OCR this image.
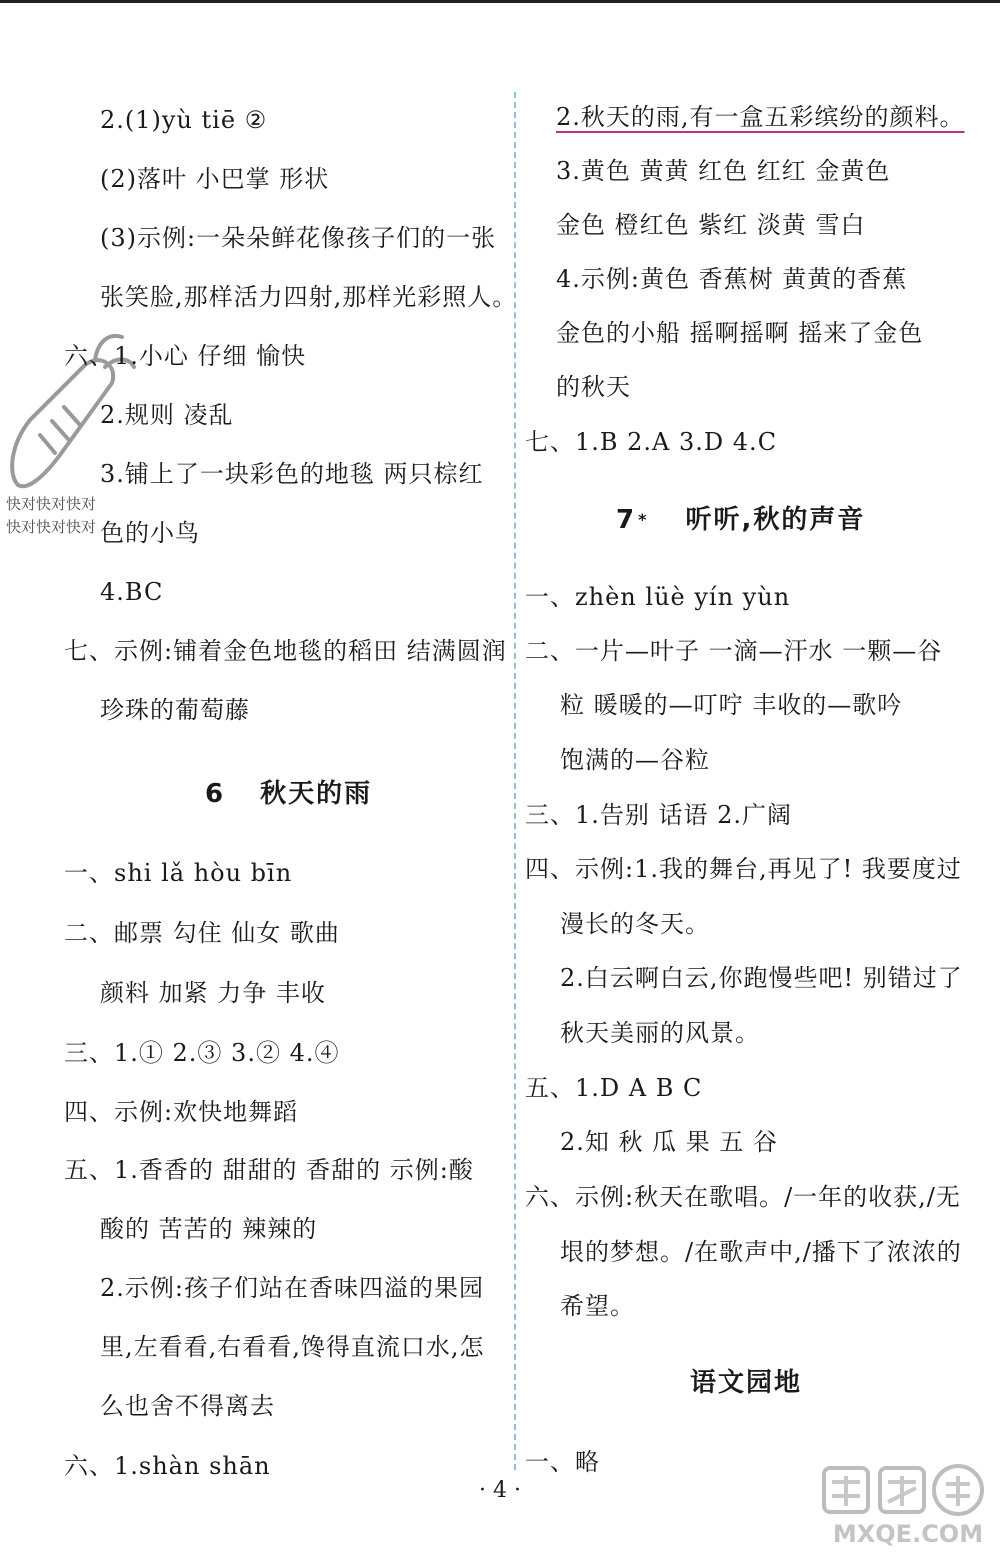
快对快对快对
快对快对快对
2.(1)yù tiē ②
(2)落叶 小巴掌 形状
(3)示例:一朵朵鲜花像孩子们的一张
张笑脸,那样活力四射,那样光彩照人。
六、1.小心 仔细 愉快
2.规则 凌乱
3.铺上了一块彩色的地毯 两只棕红
色的小鸟
4.BC
七、示例:铺着金色地毯的稻田 结满圆润
珍珠的葡萄藤
6 秋天的雨
一、shi lǎ hòu bīn
二、邮票 勾住 仙女 歌曲
颜料 加紧 力争 丰收
三、1.① 2.③ 3.② 4.④
四、示例:欢快地舞蹈
五、1.香香的 甜甜的 香甜的 示例:酸
酸的 苦苦的 辣辣的
2.示例:孩子们站在香味四溢的果园
里,左看看,右看看,馋得直流口水,怎
么也舍不得离去
六、1.shàn shān
2.秋天的雨,有一盒五彩缤纷的颜料。
3.黄色 黄黄 红色 红红 金黄色
金色 橙红色 紫红 淡黄 雪白
4.示例:黄色 香蕉树 黄黄的香蕉
金色的小船 摇啊摇啊 摇来了金色
的秋天
七、1.B 2.A 3.D 4.C
7 * 听听,秋的声音
一、zhèn lüè yín yùn
二、一片—叶子 一滴—汗水 一颗—谷
粒 暖暖的—叮咛 丰收的—歌吟
饱满的—谷粒
三、1.告别 话语 2.广阔
四、示例:1.我的舞台,再见了! 我要度过
漫长的冬天。
2.白云啊白云,你跑慢些吧! 别错过了
秋天美丽的风景。
五、1.D A B C
2.知 秋 瓜 果 五 谷
六、示例:秋天在歌唱。/一年的收获,/无
垠的梦想。/在歌声中,/播下了浓浓的
希望。
语文园地
一、略
· 4 ·
MXQE.COM
